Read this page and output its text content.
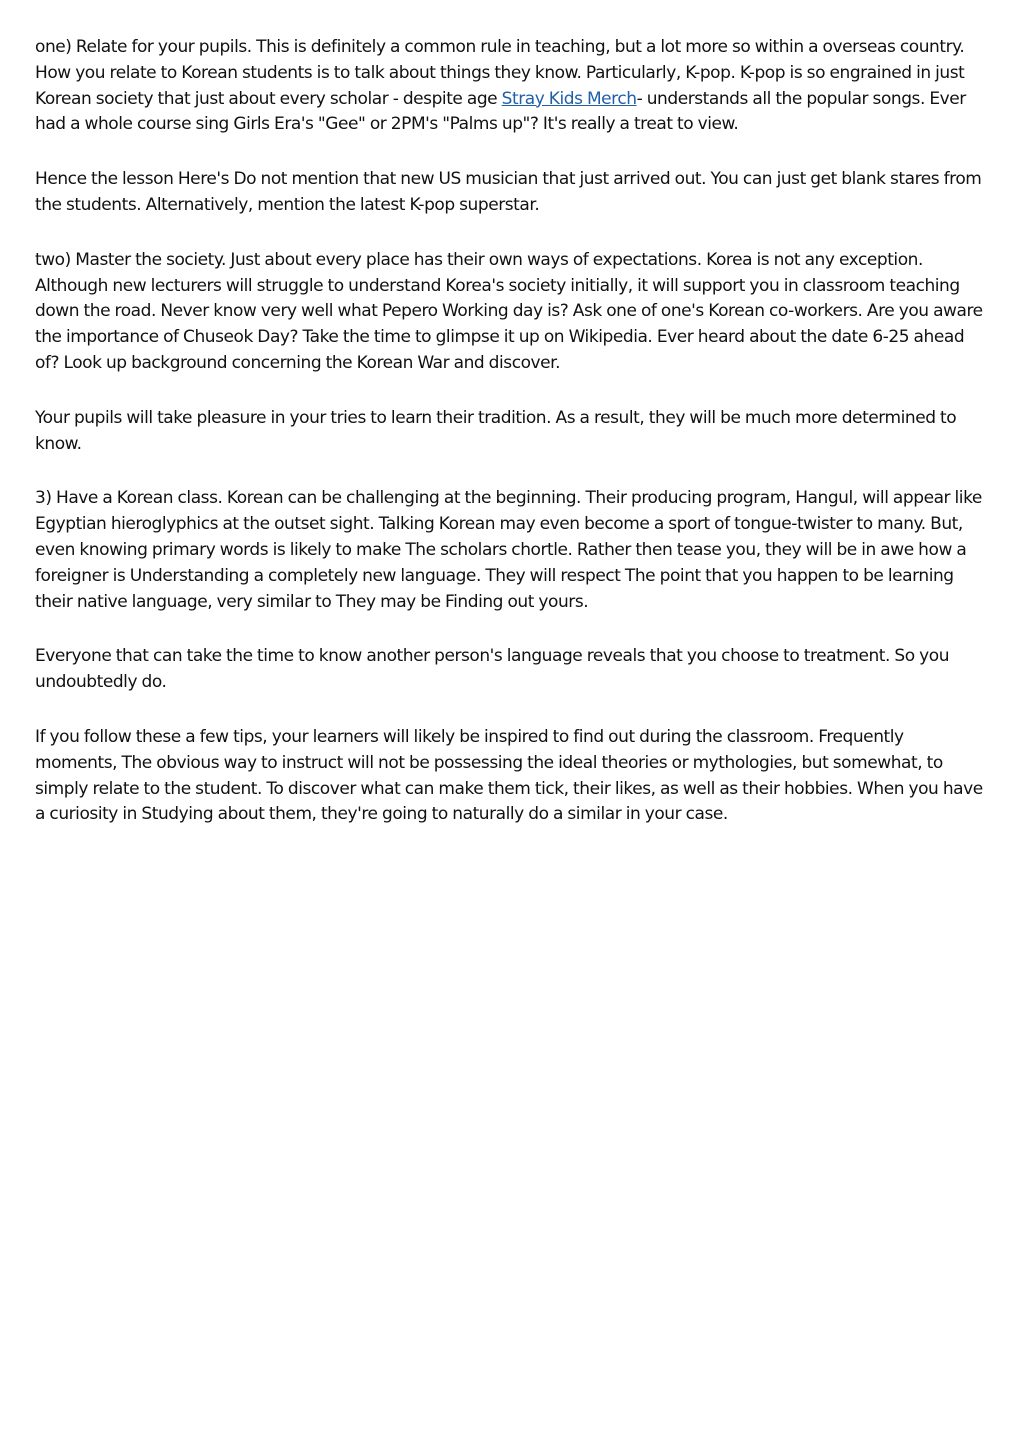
one) Relate for your pupils. This is definitely a common rule in teaching, but a lot more so within a overseas country. How you relate to Korean students is to talk about things they know. Particularly, K-pop. K-pop is so engrained in just Korean society that just about every scholar - despite age Stray Kids Merch- understands all the popular songs. Ever had a whole course sing Girls Era's "Gee" or 2PM's "Palms up"? It's really a treat to view.

Hence the lesson Here's Do not mention that new US musician that just arrived out. You can just get blank stares from the students. Alternatively, mention the latest K-pop superstar.

two) Master the society. Just about every place has their own ways of expectations. Korea is not any exception. Although new lecturers will struggle to understand Korea's society initially, it will support you in classroom teaching down the road. Never know very well what Pepero Working day is? Ask one of one's Korean co-workers. Are you aware the importance of Chuseok Day? Take the time to glimpse it up on Wikipedia. Ever heard about the date 6-25 ahead of? Look up background concerning the Korean War and discover.

Your pupils will take pleasure in your tries to learn their tradition. As a result, they will be much more determined to know.

3) Have a Korean class. Korean can be challenging at the beginning. Their producing program, Hangul, will appear like Egyptian hieroglyphics at the outset sight. Talking Korean may even become a sport of tongue-twister to many. But, even knowing primary words is likely to make The scholars chortle. Rather then tease you, they will be in awe how a foreigner is Understanding a completely new language. They will respect The point that you happen to be learning their native language, very similar to They may be Finding out yours.

Everyone that can take the time to know another person's language reveals that you choose to treatment. So you undoubtedly do.

If you follow these a few tips, your learners will likely be inspired to find out during the classroom. Frequently moments, The obvious way to instruct will not be possessing the ideal theories or mythologies, but somewhat, to simply relate to the student. To discover what can make them tick, their likes, as well as their hobbies. When you have a curiosity in Studying about them, they're going to naturally do a similar in your case.
